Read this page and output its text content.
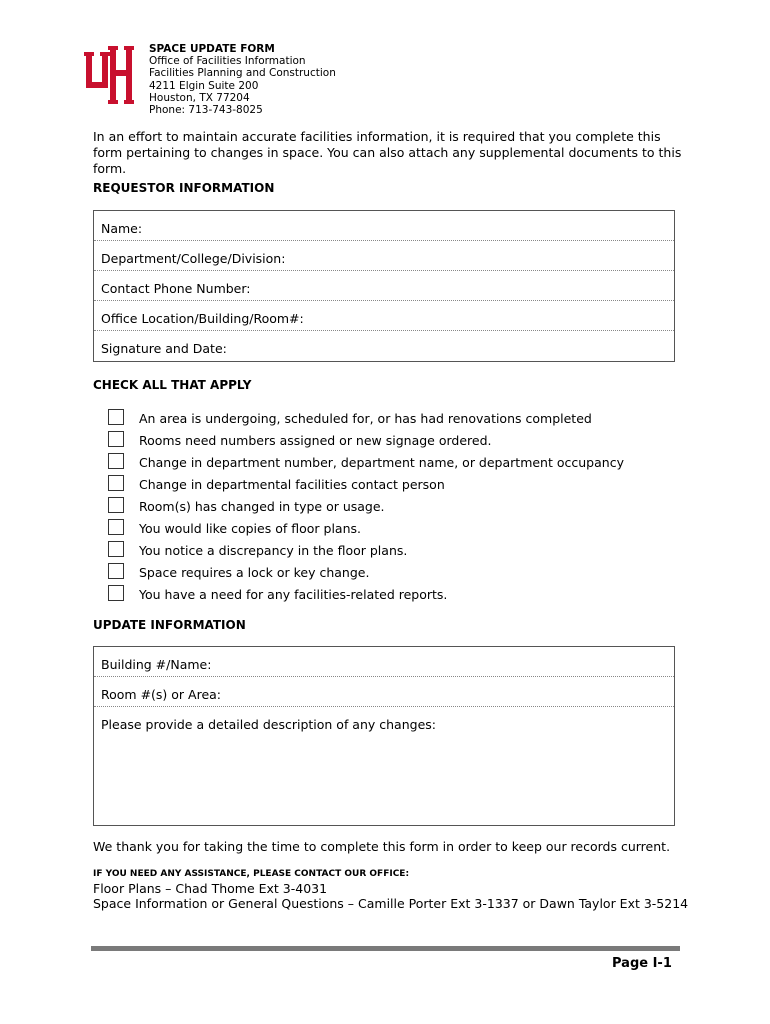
SPACE UPDATE FORM
Office of Facilities Information
Facilities Planning and Construction
4211 Elgin Suite 200
Houston, TX 77204
Phone: 713-743-8025
In an effort to maintain accurate facilities information, it is required that you complete this form pertaining to changes in space. You can also attach any supplemental documents to this form.
REQUESTOR INFORMATION
Name:
Department/College/Division:
Contact Phone Number:
Office Location/Building/Room#:
Signature and Date:
CHECK ALL THAT APPLY
An area is undergoing, scheduled for, or has had renovations completed
Rooms need numbers assigned or new signage ordered.
Change in department number, department name, or department occupancy
Change in departmental facilities contact person
Room(s) has changed in type or usage.
You would like copies of floor plans.
You notice a discrepancy in the floor plans.
Space requires a lock or key change.
You have a need for any facilities-related reports.
UPDATE INFORMATION
Building #/Name:
Room #(s) or Area:
Please provide a detailed description of any changes:
We thank you for taking the time to complete this form in order to keep our records current.
IF YOU NEED ANY ASSISTANCE, PLEASE CONTACT OUR OFFICE:
Floor Plans – Chad Thome Ext 3-4031
Space Information or General Questions – Camille Porter Ext 3-1337 or Dawn Taylor Ext 3-5214
Page I-1
